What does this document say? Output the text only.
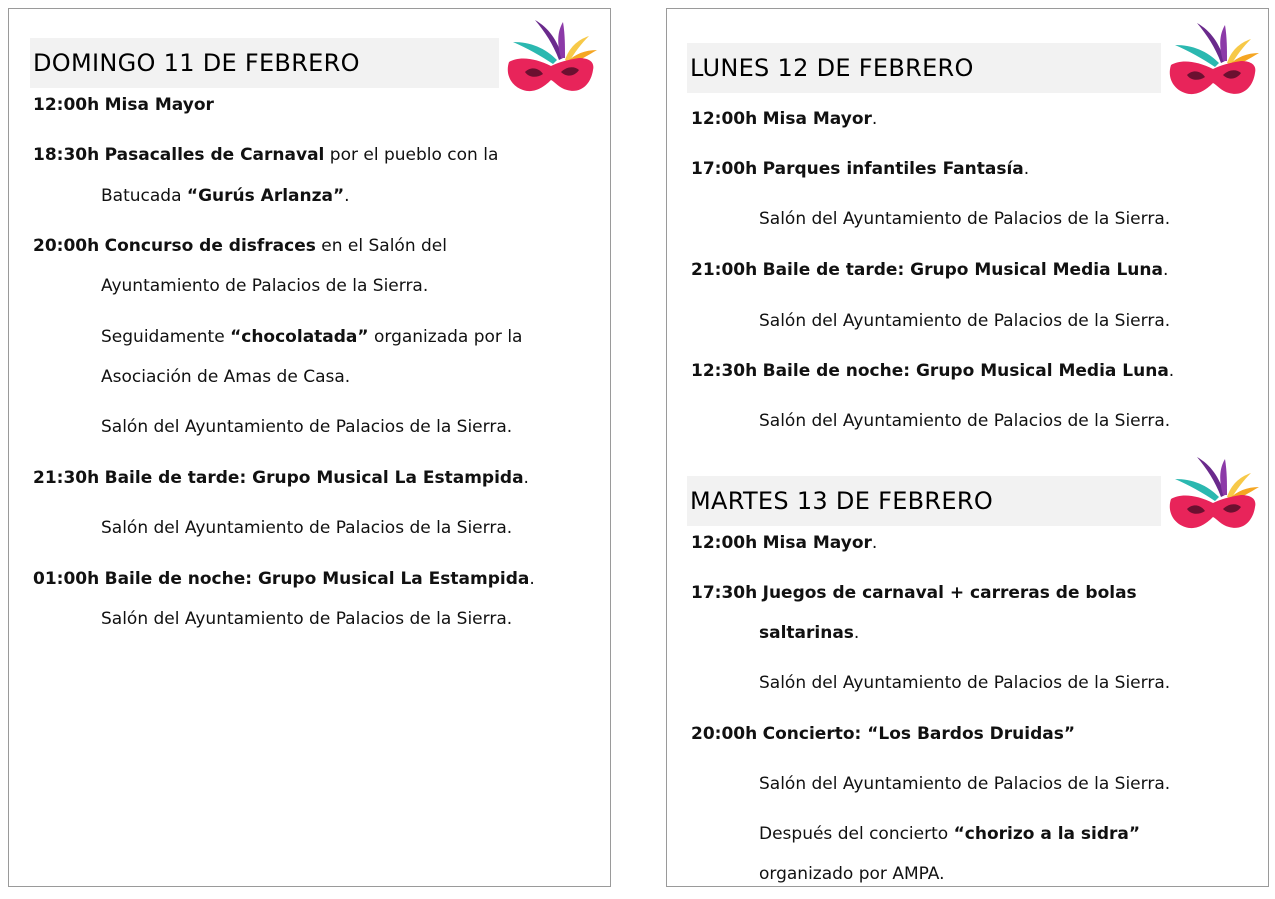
DOMINGO 11 DE FEBRERO
12:00h Misa Mayor
18:30h Pasacalles de Carnaval por el pueblo con la
Batucada “Gurús Arlanza”.
20:00h Concurso de disfraces en el Salón del
Ayuntamiento de Palacios de la Sierra.
Seguidamente “chocolatada” organizada por la
Asociación de Amas de Casa.
Salón del Ayuntamiento de Palacios de la Sierra.
21:30h Baile de tarde: Grupo Musical La Estampida.
Salón del Ayuntamiento de Palacios de la Sierra.
01:00h Baile de noche: Grupo Musical La Estampida.
Salón del Ayuntamiento de Palacios de la Sierra.
LUNES 12 DE FEBRERO
12:00h Misa Mayor.
17:00h Parques infantiles Fantasía.
Salón del Ayuntamiento de Palacios de la Sierra.
21:00h Baile de tarde: Grupo Musical Media Luna.
Salón del Ayuntamiento de Palacios de la Sierra.
12:30h Baile de noche: Grupo Musical Media Luna.
Salón del Ayuntamiento de Palacios de la Sierra.
MARTES 13 DE FEBRERO
12:00h Misa Mayor.
17:30h Juegos de carnaval + carreras de bolas
saltarinas.
Salón del Ayuntamiento de Palacios de la Sierra.
20:00h Concierto: “Los Bardos Druidas”
Salón del Ayuntamiento de Palacios de la Sierra.
Después del concierto “chorizo a la sidra”
organizado por AMPA.
